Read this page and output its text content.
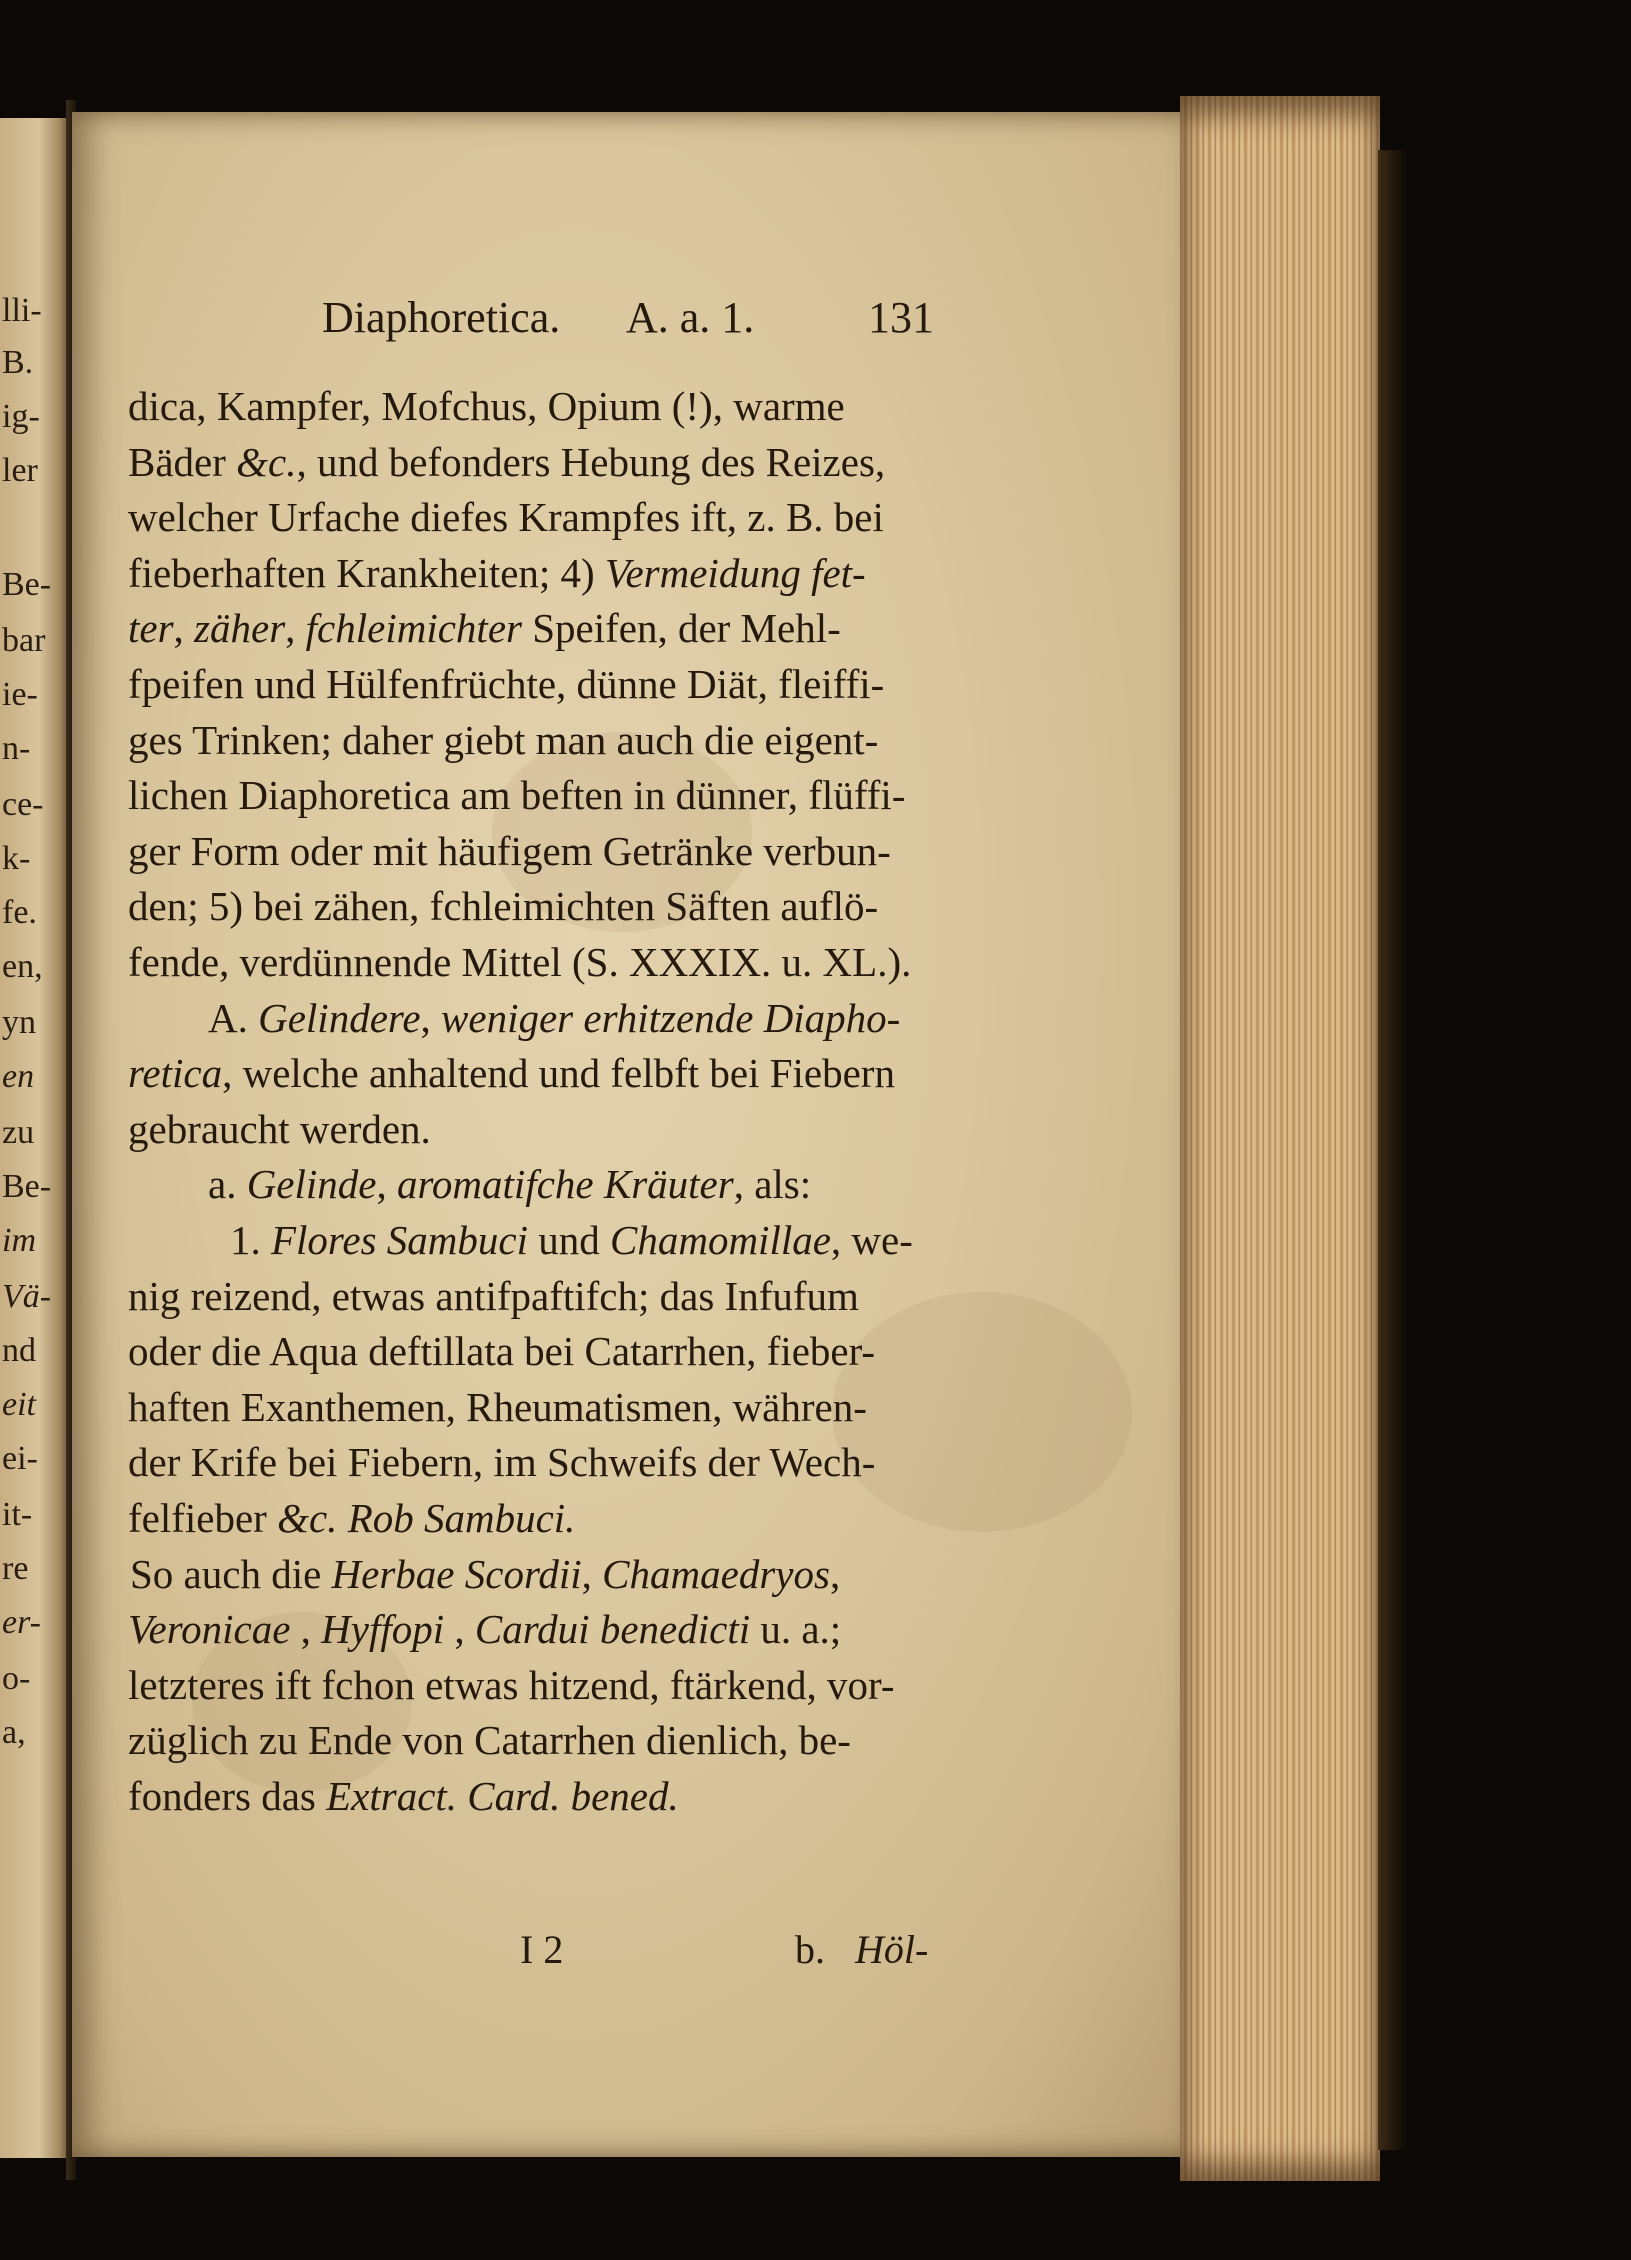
lli-
B.
ig-
ler
Be-
bar
ie-
n-
ce-
k-
fe.
en,
yn
en
zu
Be-
im
Vä-
nd
eit
ei-
it-
re
er-
o-
a,
Diaphoretica. A. a. 1.	131
dica, Kampfer, Mofchus, Opium (!), warme
Bäder &c., und befonders Hebung des Reizes,
welcher Urfache diefes Krampfes ift, z. B. bei
fieberhaften Krankheiten; 4) Vermeidung fet-
ter, zäher, fchleimichter Speifen, der Mehl-
fpeifen und Hülfenfrüchte, dünne Diät, fleiffi-
ges Trinken; daher giebt man auch die eigent-
lichen Diaphoretica am beften in dünner, flüffi-
ger Form oder mit häufigem Getränke verbun-
den; 5) bei zähen, fchleimichten Säften auflö-
fende, verdünnende Mittel (S. XXXIX. u. XL.).
A. Gelindere, weniger erhitzende Diapho-
retica, welche anhaltend und felbft bei Fiebern
gebraucht werden.
a. Gelinde, aromatifche Kräuter, als:
1. Flores Sambuci und Chamomillae, we-
nig reizend, etwas antifpaftifch; das Infufum
oder die Aqua deftillata bei Catarrhen, fieber-
haften Exanthemen, Rheumatismen, währen-
der Krife bei Fiebern, im Schweifs der Wech-
felfieber &c. Rob Sambuci.
So auch die Herbae Scordii, Chamaedryos,
Veronicae , Hyffopi , Cardui benedicti u. a.;
letzteres ift fchon etwas hitzend, ftärkend, vor-
züglich zu Ende von Catarrhen dienlich, be-
fonders das Extract. Card. bened.
I 2	b. Höl-
